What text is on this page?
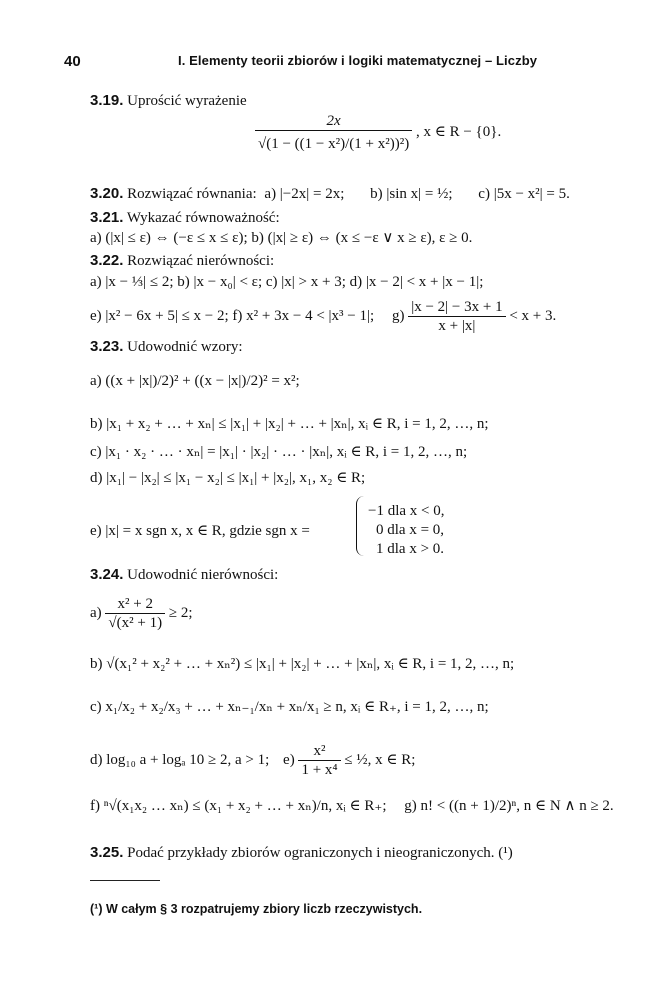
40	I. Elementy teorii zbiorów i logiki matematycznej – Liczby
3.19. Uprościć wyrażenie
$\frac{2x}{\text{√(1 − ((1 − x²)/(1 + x²))²)}}$ , x ∈ R − {0}.
3.20. Rozwiązać równania: a) |−2x| = 2x; b) |sin x| = ½; c) |5x − x²| = 5.
3.21. Wykazać równoważność:
a) (|x| ≤ ε) ⇔ (−ε ≤ x ≤ ε); b) (|x| ≥ ε) ⇔ (x ≤ −ε ∨ x ≥ ε), ε ≥ 0.
3.22. Rozwiązać nierówności:
a) |x − ⅓| ≤ 2; b) |x − x₀| < ε; c) |x| > x + 3; d) |x − 2| < x + |x − 1|;
e) |x² − 6x + 5| ≤ x − 2; f) x² + 3x − 4 < |x³ − 1|; $g) \frac{|x - 2| - 3x + 1}{x + |x|} < x + 3$.
3.23. Udowodnić wzory:
a) ((x + |x|)/2)² + ((x − |x|)/2)² = x²;
b) |x₁ + x₂ + … + xₙ| ≤ |x₁| + |x₂| + … + |xₙ|, xᵢ ∈ R, i = 1, 2, …, n;
c) |x₁ · x₂ · … · xₙ| = |x₁| · |x₂| · … · |xₙ|, xᵢ ∈ R, i = 1, 2, …, n;
d) |x₁| − |x₂| ≤ |x₁ − x₂| ≤ |x₁| + |x₂|, x₁, x₂ ∈ R;
e) |x| = x sgn x, x ∈ R, gdzie sgn x =
−1 dla x < 0,
0 dla x = 0,
1 dla x > 0.
3.24. Udowodnić nierówności:
$a) \frac{\text{x² + 2}}{\text{√(x² + 1)}} \ge 2$;
b) √(x₁² + x₂² + … + xₙ²) ≤ |x₁| + |x₂| + … + |xₙ|, xᵢ ∈ R, i = 1, 2, …, n;
c) x₁/x₂ + x₂/x₃ + … + xₙ₋₁/xₙ + xₙ/x₁ ≥ n, xᵢ ∈ R₊, i = 1, 2, …, n;
d) log₁₀ a + logₐ 10 ≥ 2, a > 1; $e) \frac{\text{x²}}{\text{1 + x⁴}}$ ≤ ½, x ∈ R;
f) ⁿ√(x₁x₂ … xₙ) ≤ (x₁ + x₂ + … + xₙ)/n, xᵢ ∈ R₊; g) n! < ((n + 1)/2)ⁿ, n ∈ N ∧ n ≥ 2.
3.25. Podać przykłady zbiorów ograniczonych i nieograniczonych. (¹)
(¹) W całym § 3 rozpatrujemy zbiory liczb rzeczywistych.
